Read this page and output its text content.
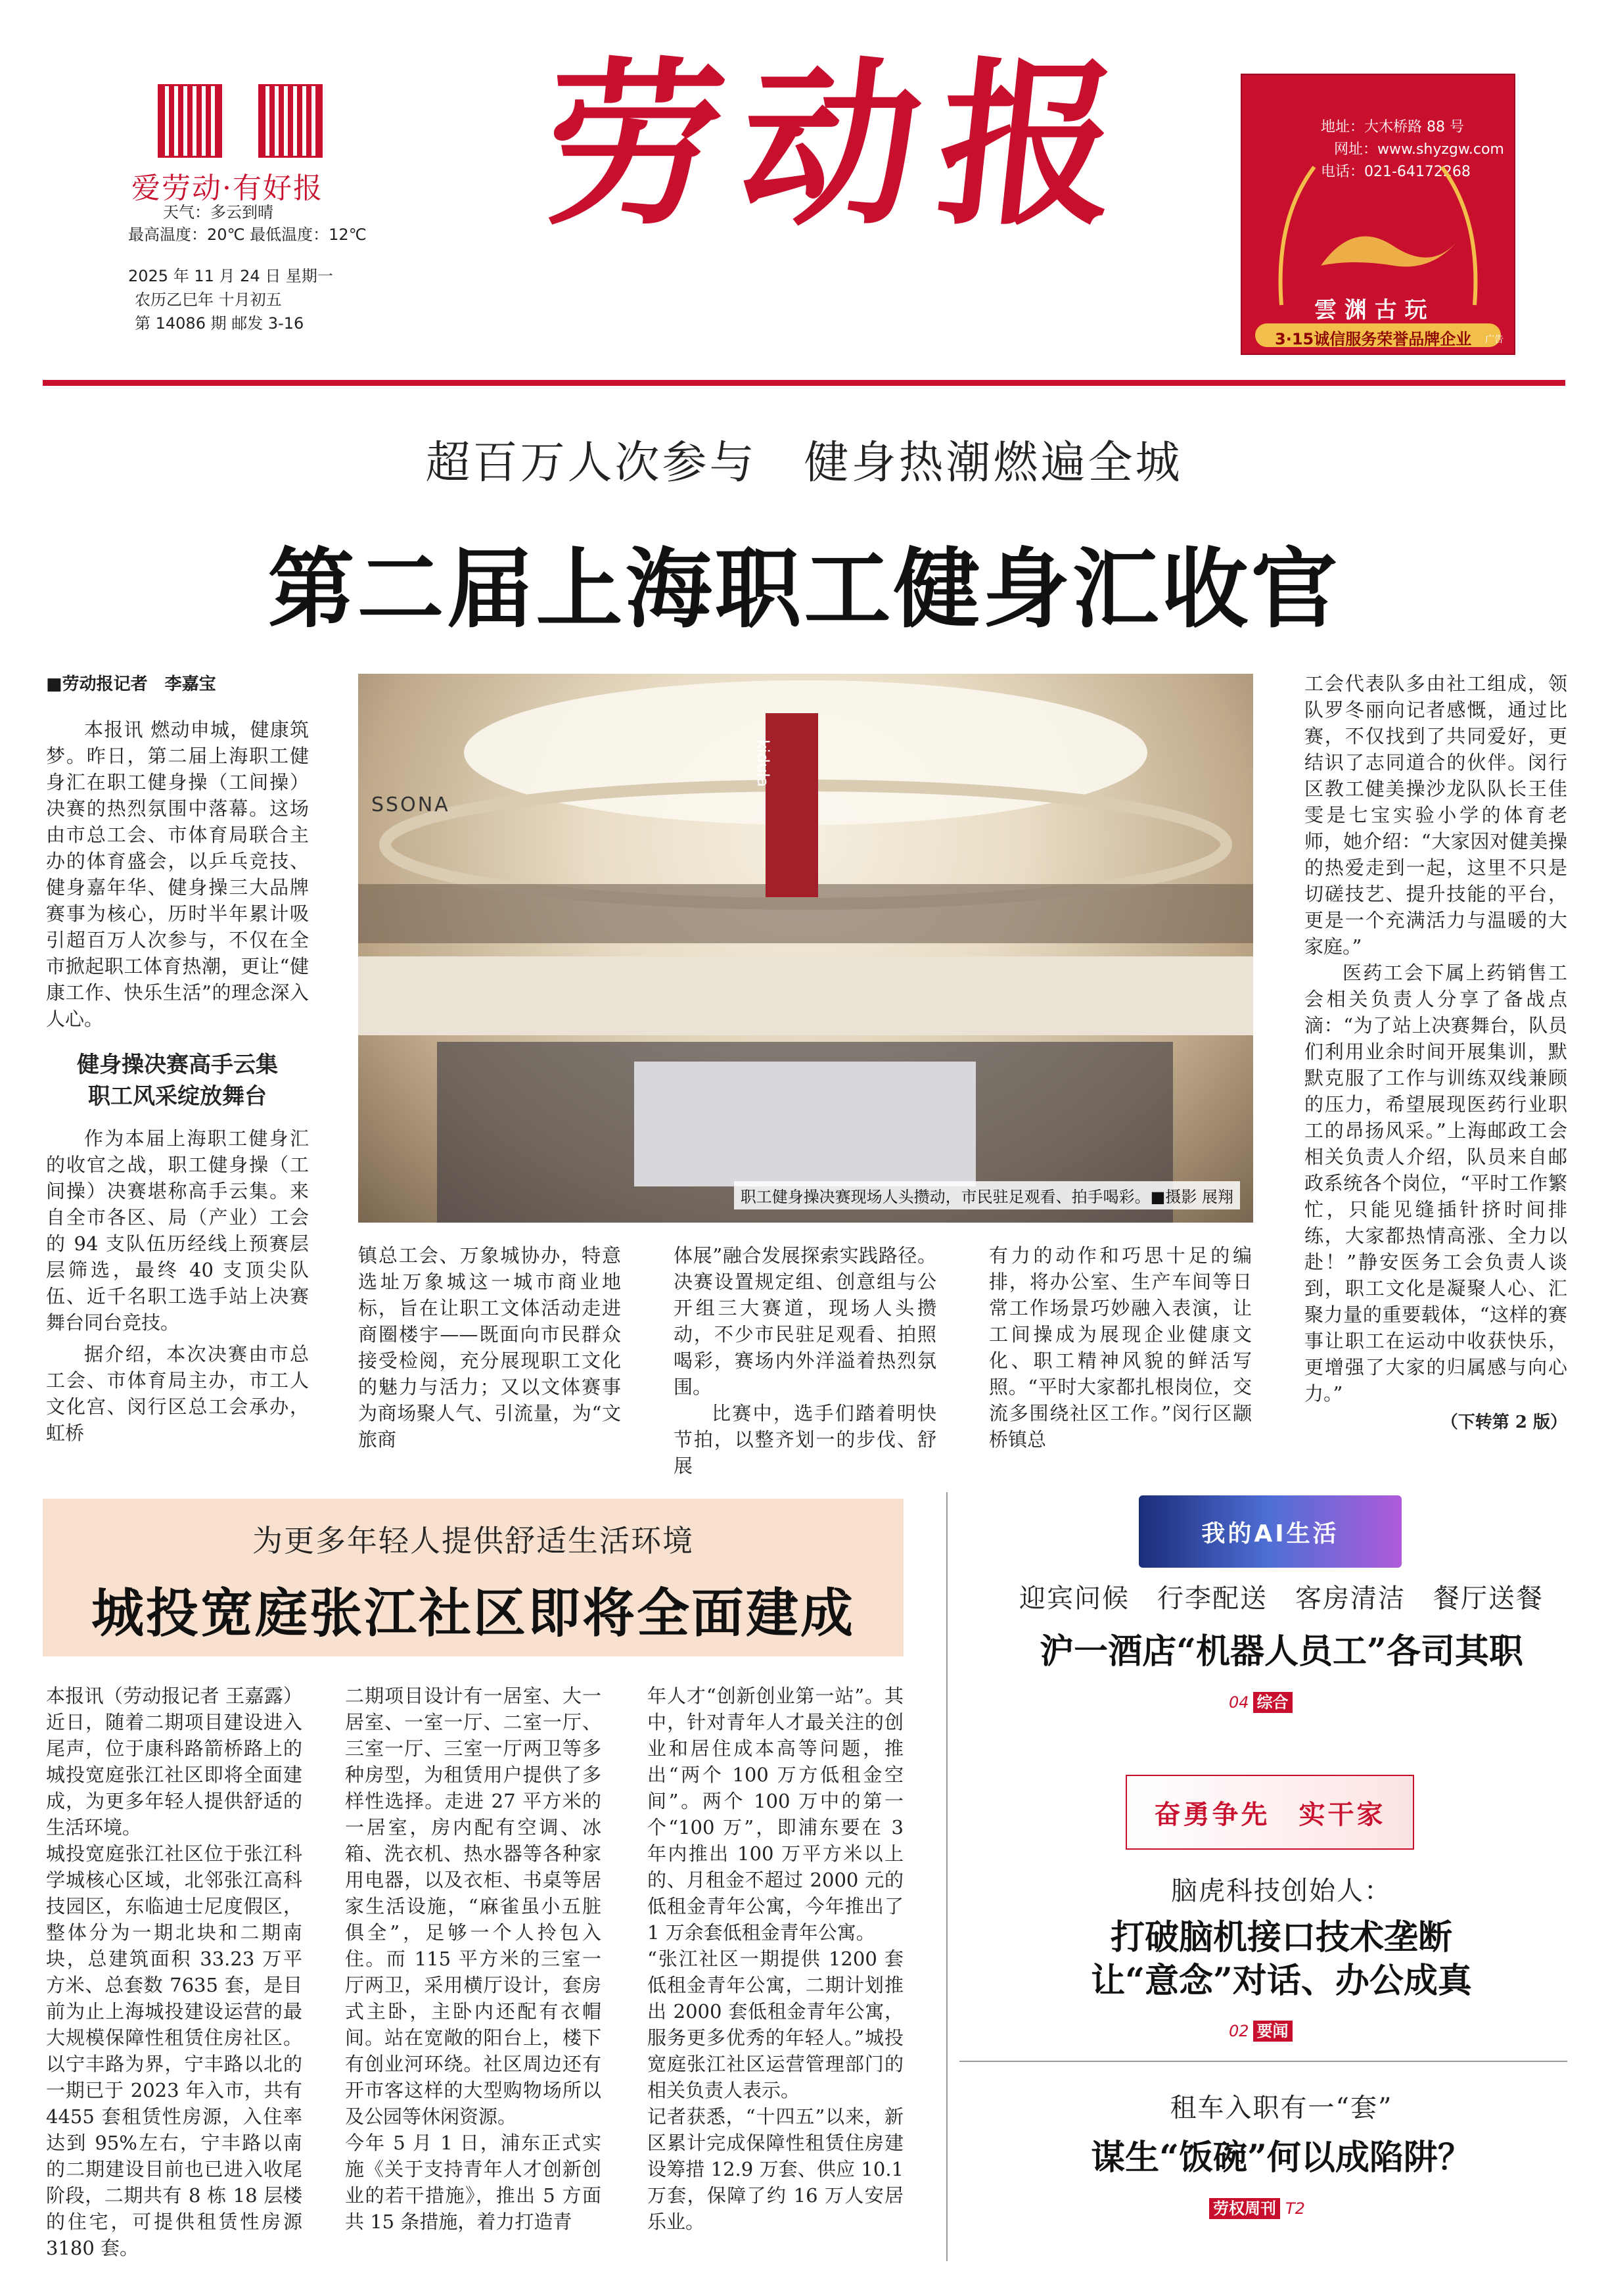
爱劳动·有好报
天气：多云到晴
最高温度：20℃ 最低温度：12℃
2025 年 11 月 24 日 星期一
农历乙巳年 十月初五
第 14086 期 邮发 3-16
劳动报	地址：大木桥路 88 号
网址：www.shyzgw.com
电话：021-64172268
雲 渊 古 玩
3·15诚信服务荣誉品牌企业 广告
超百万人次参与　健身热潮燃遍全城
第二届上海职工健身汇收官
■劳动报记者　李嘉宝

本报讯 燃动申城，健康筑梦。昨日，第二届上海职工健身汇在职工健身操（工间操）决赛的热烈氛围中落幕。这场由市总工会、市体育局联合主办的体育盛会，以乒乓竞技、健身嘉年华、健身操三大品牌赛事为核心，历时半年累计吸引超百万人次参与，不仅在全市掀起职工体育热潮，更让“健康工作、快乐生活”的理念深入人心。

健身操决赛高手云集
职工风采绽放舞台

作为本届上海职工健身汇的收官之战，职工健身操（工间操）决赛堪称高手云集。来自全市各区、局（产业）工会的 94 支队伍历经线上预赛层层筛选，最终 40 支顶尖队伍、近千名职工选手站上决赛舞台同台竞技。

据介绍，本次决赛由市总工会、市体育局主办，市工人文化宫、闵行区总工会承办，虹桥

SSONA
kidula
职工健身操决赛现场人头攒动，市民驻足观看、拍手喝彩。■摄影 展翔

镇总工会、万象城协办，特意选址万象城这一城市商业地标，旨在让职工文体活动走进商圈楼宇——既面向市民群众接受检阅，充分展现职工文化的魅力与活力；又以文体赛事为商场聚人气、引流量，为“文旅商

体展”融合发展探索实践路径。决赛设置规定组、创意组与公开组三大赛道，现场人头攒动，不少市民驻足观看、拍照喝彩，赛场内外洋溢着热烈氛围。

比赛中，选手们踏着明快节拍，以整齐划一的步伐、舒展

有力的动作和巧思十足的编排，将办公室、生产车间等日常工作场景巧妙融入表演，让工间操成为展现企业健康文化、职工精神风貌的鲜活写照。“平时大家都扎根岗位，交流多围绕社区工作。”闵行区颛桥镇总

工会代表队多由社工组成，领队罗冬丽向记者感慨，通过比赛，不仅找到了共同爱好，更结识了志同道合的伙伴。闵行区教工健美操沙龙队队长王佳雯是七宝实验小学的体育老师，她介绍：“大家因对健美操的热爱走到一起，这里不只是切磋技艺、提升技能的平台，更是一个充满活力与温暖的大家庭。”

医药工会下属上药销售工会相关负责人分享了备战点滴：“为了站上决赛舞台，队员们利用业余时间开展集训，默默克服了工作与训练双线兼顾的压力，希望展现医药行业职工的昂扬风采。”上海邮政工会相关负责人介绍，队员来自邮政系统各个岗位，“平时工作繁忙，只能见缝插针挤时间排练，大家都热情高涨、全力以赴！”静安医务工会负责人谈到，职工文化是凝聚人心、汇聚力量的重要载体，“这样的赛事让职工在运动中收获快乐，更增强了大家的归属感与向心力。”

（下转第 2 版）
为更多年轻人提供舒适生活环境
城投宽庭张江社区即将全面建成
本报讯（劳动报记者 王嘉露）近日，随着二期项目建设进入尾声，位于康科路箭桥路上的城投宽庭张江社区即将全面建成，为更多年轻人提供舒适的生活环境。
城投宽庭张江社区位于张江科学城核心区域，北邻张江高科技园区，东临迪士尼度假区，整体分为一期北块和二期南块，总建筑面积 33.23 万平方米、总套数 7635 套，是目前为止上海城投建设运营的最大规模保障性租赁住房社区。以宁丰路为界，宁丰路以北的一期已于 2023 年入市，共有 4455 套租赁性房源，入住率达到 95%左右，宁丰路以南的二期建设目前也已进入收尾阶段，二期共有 8 栋 18 层楼的住宅，可提供租赁性房源 3180 套。
二期项目设计有一居室、大一居室、一室一厅、二室一厅、三室一厅、三室一厅两卫等多种房型，为租赁用户提供了多样性选择。走进 27 平方米的一居室，房内配有空调、冰箱、洗衣机、热水器等各种家用电器，以及衣柜、书桌等居家生活设施，“麻雀虽小五脏俱全”，足够一个人拎包入住。而 115 平方米的三室一厅两卫，采用横厅设计，套房式主卧，主卧内还配有衣帽间。站在宽敞的阳台上，楼下有创业河环绕。社区周边还有开市客这样的大型购物场所以及公园等休闲资源。
今年 5 月 1 日，浦东正式实施《关于支持青年人才创新创业的若干措施》，推出 5 方面共 15 条措施，着力打造青
年人才“创新创业第一站”。其中，针对青年人才最关注的创业和居住成本高等问题，推出“两个 100 万方低租金空间”。两个 100 万中的第一个“100 万”，即浦东要在 3 年内推出 100 万平方米以上的、月租金不超过 2000 元的低租金青年公寓，今年推出了 1 万余套低租金青年公寓。
“张江社区一期提供 1200 套低租金青年公寓，二期计划推出 2000 套低租金青年公寓，服务更多优秀的年轻人。”城投宽庭张江社区运营管理部门的相关负责人表示。
记者获悉，“十四五”以来，新区累计完成保障性租赁住房建设筹措 12.9 万套、供应 10.1 万套，保障了约 16 万人安居乐业。
我的AI生活
迎宾问候　行李配送　客房清洁　餐厅送餐
沪一酒店“机器人员工”各司其职
04 综合
奋勇争先　实干家
脑虎科技创始人：
打破脑机接口技术垄断
让“意念”对话、办公成真
02 要闻
租车入职有一“套”
谋生“饭碗”何以成陷阱？
劳权周刊 T2
